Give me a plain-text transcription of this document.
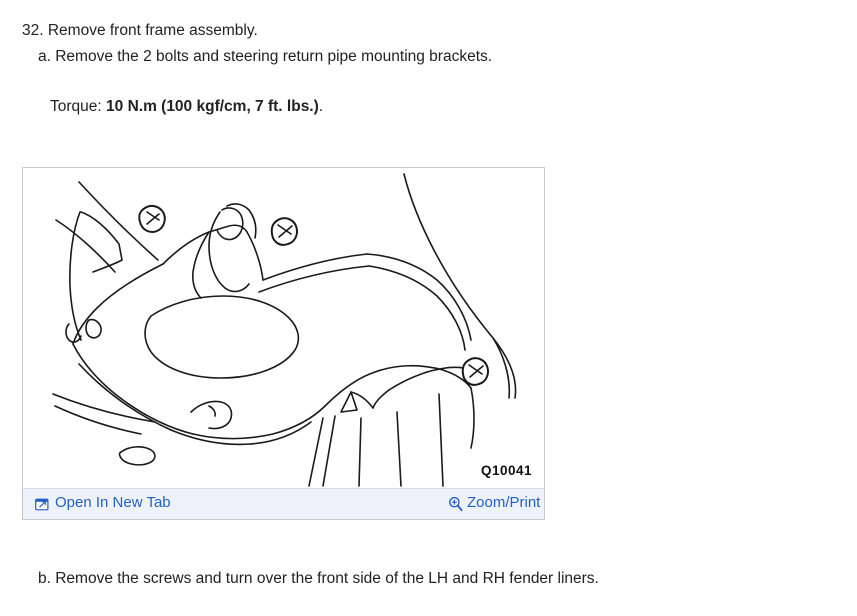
32. Remove front frame assembly.
a. Remove the 2 bolts and steering return pipe mounting brackets.
Torque: 10 N.m (100 kgf/cm, 7 ft. lbs.).
Q10041
Open In New Tab	Zoom/Print
b. Remove the screws and turn over the front side of the LH and RH fender liners.
